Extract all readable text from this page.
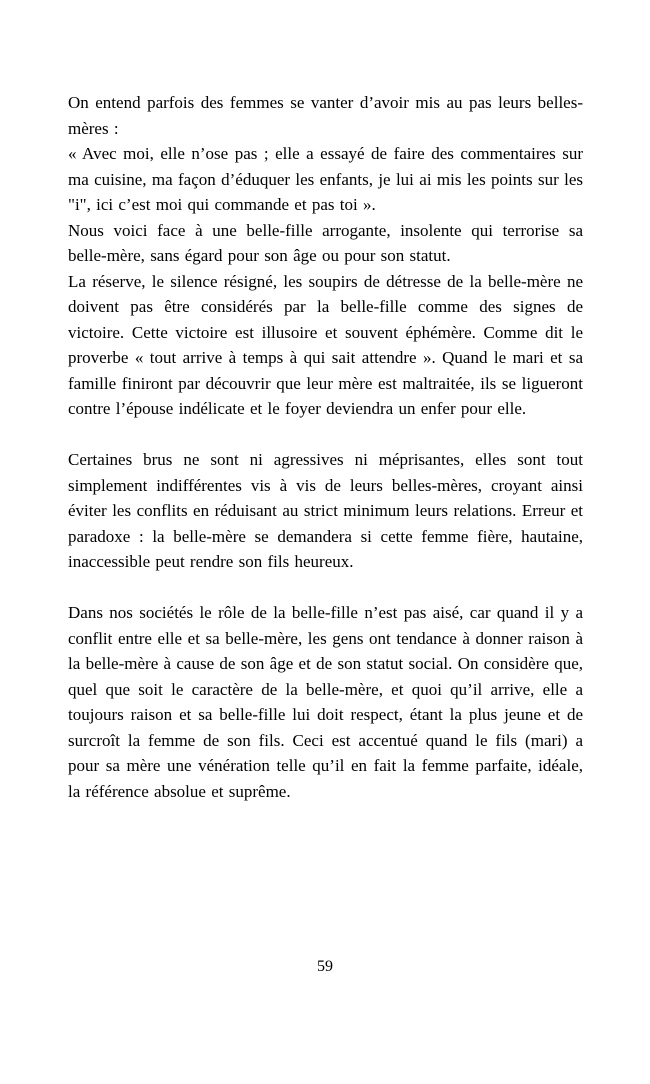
On entend parfois des femmes se vanter d’avoir mis au pas leurs belles-mères :

« Avec moi, elle n’ose pas ; elle a essayé de faire des commentaires sur ma cuisine, ma façon d’éduquer les enfants, je lui ai mis les points sur les "i", ici c’est moi qui commande et pas toi ».

Nous voici face à une belle-fille arrogante, insolente qui terrorise sa belle-mère, sans égard pour son âge ou pour son statut.

La réserve, le silence résigné, les soupirs de détresse de la belle-mère ne doivent pas être considérés par la belle-fille comme des signes de victoire. Cette victoire est illusoire et souvent éphémère. Comme dit le proverbe « tout arrive à temps à qui sait attendre ». Quand le mari et sa famille finiront par découvrir que leur mère est maltraitée, ils se ligueront contre l’épouse indélicate et le foyer deviendra un enfer pour elle.

Certaines brus ne sont ni agressives ni méprisantes, elles sont tout simplement indifférentes vis à vis de leurs belles-mères, croyant ainsi éviter les conflits en réduisant au strict minimum leurs relations. Erreur et paradoxe : la belle-mère se demandera si cette femme fière, hautaine, inaccessible peut rendre son fils heureux.

Dans nos sociétés le rôle de la belle-fille n’est pas aisé, car quand il y a conflit entre elle et sa belle-mère, les gens ont tendance à donner raison à la belle-mère à cause de son âge et de son statut social. On considère que, quel que soit le caractère de la belle-mère, et quoi qu’il arrive, elle a toujours raison et sa belle-fille lui doit respect, étant la plus jeune et de surcroît la femme de son fils. Ceci est accentué quand le fils (mari) a pour sa mère une vénération telle qu’il en fait la femme parfaite, idéale, la référence absolue et suprême.

59
